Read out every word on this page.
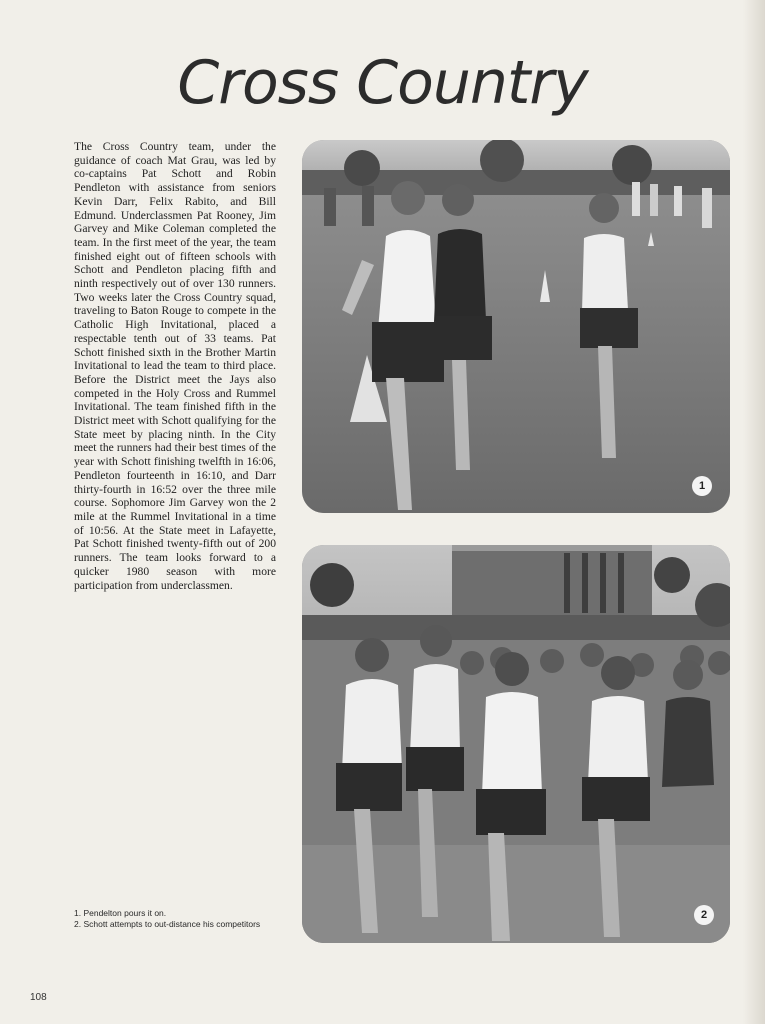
Cross Country
The Cross Country team, under the guidance of coach Mat Grau, was led by co-captains Pat Schott and Robin Pendleton with assistance from seniors Kevin Darr, Felix Rabito, and Bill Edmund. Underclassmen Pat Rooney, Jim Garvey and Mike Coleman completed the team. In the first meet of the year, the team finished eight out of fifteen schools with Schott and Pendleton placing fifth and ninth respectively out of over 130 runners. Two weeks later the Cross Country squad, traveling to Baton Rouge to compete in the Catholic High Invitational, placed a respectable tenth out of 33 teams. Pat Schott finished sixth in the Brother Martin Invitational to lead the team to third place. Before the District meet the Jays also competed in the Holy Cross and Rummel Invitational. The team finished fifth in the District meet with Schott qualifying for the State meet by placing ninth. In the City meet the runners had their best times of the year with Schott finishing twelfth in 16:06, Pendleton fourteenth in 16:10, and Darr thirty-fourth in 16:52 over the three mile course. Sophomore Jim Garvey won the 2 mile at the Rummel Invitational in a time of 10:56. At the State meet in Lafayette, Pat Schott finished twenty-fifth out of 200 runners. The team looks forward to a quicker 1980 season with more participation from underclassmen.
1
2
1. Pendelton pours it on.
2. Schott attempts to out-distance his competitors
108
